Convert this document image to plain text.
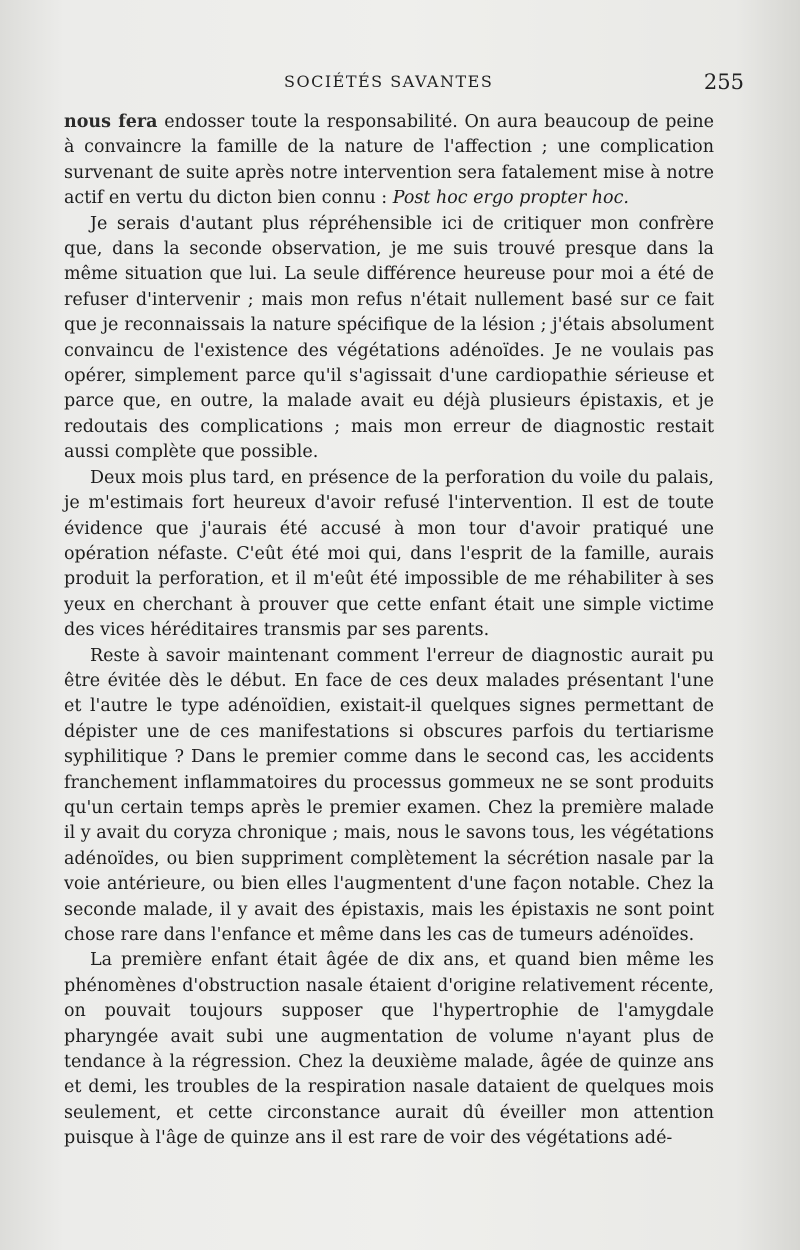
SOCIÉTÉS SAVANTES	255

nous fera endosser toute la responsabilité. On aura beaucoup de peine à convaincre la famille de la nature de l'affection ; une complication survenant de suite après notre intervention sera fatalement mise à notre actif en vertu du dicton bien connu : Post hoc ergo propter hoc.

Je serais d'autant plus répréhensible ici de critiquer mon confrère que, dans la seconde observation, je me suis trouvé presque dans la même situation que lui. La seule différence heureuse pour moi a été de refuser d'intervenir ; mais mon refus n'était nullement basé sur ce fait que je reconnaissais la nature spécifique de la lésion ; j'étais absolument convaincu de l'existence des végétations adénoïdes. Je ne voulais pas opérer, simplement parce qu'il s'agissait d'une cardiopathie sérieuse et parce que, en outre, la malade avait eu déjà plusieurs épistaxis, et je redoutais des complications ; mais mon erreur de diagnostic restait aussi complète que possible.

Deux mois plus tard, en présence de la perforation du voile du palais, je m'estimais fort heureux d'avoir refusé l'intervention. Il est de toute évidence que j'aurais été accusé à mon tour d'avoir pratiqué une opération néfaste. C'eût été moi qui, dans l'esprit de la famille, aurais produit la perforation, et il m'eût été impossible de me réhabiliter à ses yeux en cherchant à prouver que cette enfant était une simple victime des vices héréditaires transmis par ses parents.

Reste à savoir maintenant comment l'erreur de diagnostic aurait pu être évitée dès le début. En face de ces deux malades présentant l'une et l'autre le type adénoïdien, existait-il quelques signes permettant de dépister une de ces manifestations si obscures parfois du tertiarisme syphilitique ? Dans le premier comme dans le second cas, les accidents franchement inflammatoires du processus gommeux ne se sont produits qu'un certain temps après le premier examen. Chez la première malade il y avait du coryza chronique ; mais, nous le savons tous, les végétations adénoïdes, ou bien suppriment complètement la sécrétion nasale par la voie antérieure, ou bien elles l'augmentent d'une façon notable. Chez la seconde malade, il y avait des épistaxis, mais les épistaxis ne sont point chose rare dans l'enfance et même dans les cas de tumeurs adénoïdes.

La première enfant était âgée de dix ans, et quand bien même les phénomènes d'obstruction nasale étaient d'origine relativement récente, on pouvait toujours supposer que l'hypertrophie de l'amygdale pharyngée avait subi une augmentation de volume n'ayant plus de tendance à la régression. Chez la deuxième malade, âgée de quinze ans et demi, les troubles de la respiration nasale dataient de quelques mois seulement, et cette circonstance aurait dû éveiller mon attention puisque à l'âge de quinze ans il est rare de voir des végétations adé-
